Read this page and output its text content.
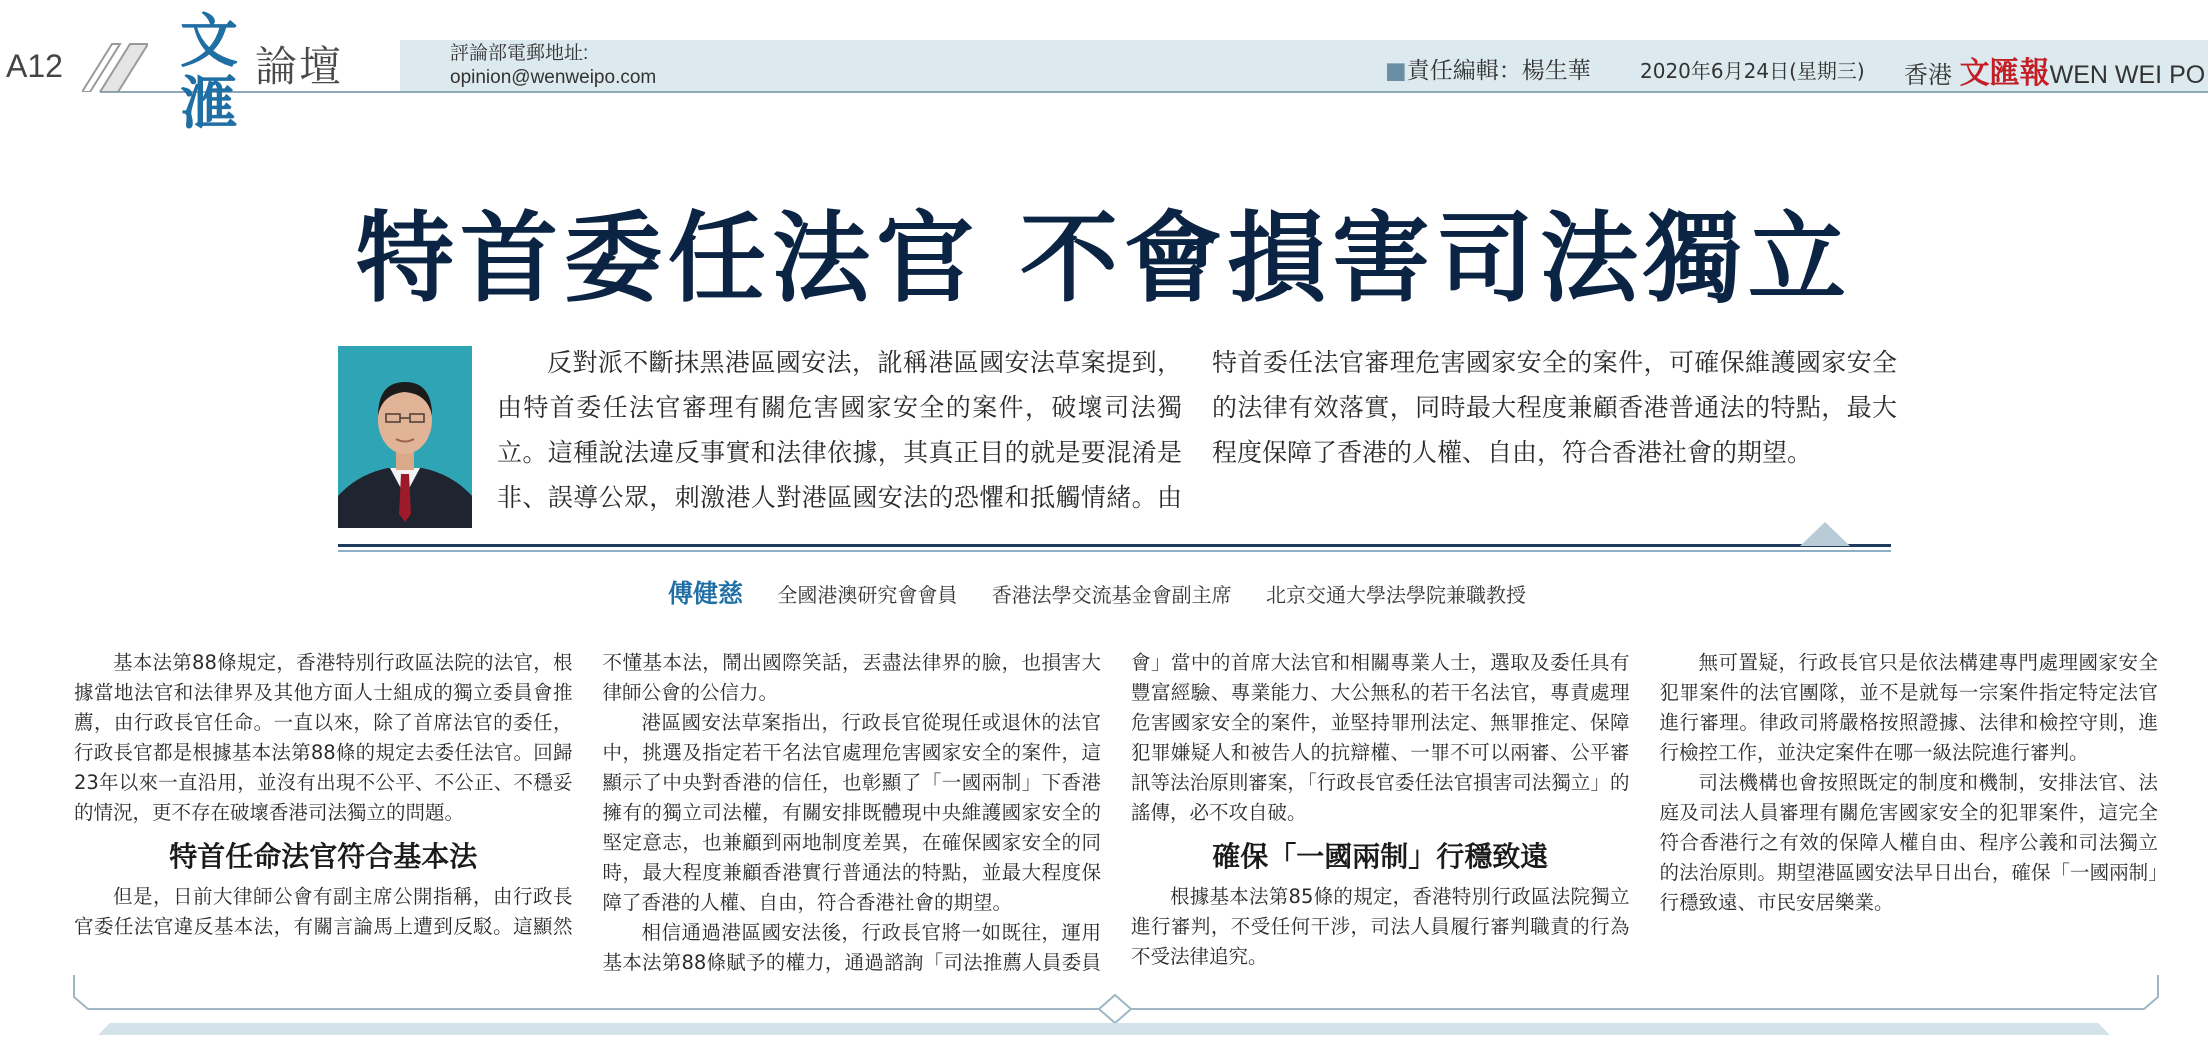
A12 文
滙
論壇	評論部電郵地址:
opinion@wenweipo.com	■責任編輯：楊生華 2020年6月24日(星期三) 香港 文匯報WEN WEI PO
特首委任法官 不會損害司法獨立

反對派不斷抹黑港區國安法，訛稱港區國安法草案提到，由特首委任法官審理有關危害國家安全的案件，破壞司法獨立。這種說法違反事實和法律依據，其真正目的就是要混淆是非、誤導公眾，刺激港人對港區國安法的恐懼和抵觸情緒。由特首委任法官審理危害國家安全的案件，可確保維護國家安全的法律有效落實，同時最大程度兼顧香港普通法的特點，最大程度保障了香港的人權、自由，符合香港社會的期望。

傅健慈 全國港澳研究會會員 香港法學交流基金會副主席 北京交通大學法學院兼職教授

基本法第88條規定，香港特別行政區法院的法官，根據當地法官和法律界及其他方面人士組成的獨立委員會推薦，由行政長官任命。一直以來，除了首席法官的委任，行政長官都是根據基本法第88條的規定去委任法官。回歸23年以來一直沿用，並沒有出現不公平、不公正、不穩妥的情況，更不存在破壞香港司法獨立的問題。

特首任命法官符合基本法

但是，日前大律師公會有副主席公開指稱，由行政長官委任法官違反基本法，有關言論馬上遭到反駁。這顯然不懂基本法，鬧出國際笑話，丟盡法律界的臉，也損害大律師公會的公信力。

港區國安法草案指出，行政長官從現任或退休的法官中，挑選及指定若干名法官處理危害國家安全的案件，這顯示了中央對香港的信任，也彰顯了「一國兩制」下香港擁有的獨立司法權，有關安排既體現中央維護國家安全的堅定意志，也兼顧到兩地制度差異，在確保國家安全的同時，最大程度兼顧香港實行普通法的特點，並最大程度保障了香港的人權、自由，符合香港社會的期望。

相信通過港區國安法後，行政長官將一如既往，運用基本法第88條賦予的權力，通過諮詢「司法推薦人員委員會」當中的首席大法官和相關專業人士，選取及委任具有豐富經驗、專業能力、大公無私的若干名法官，專責處理危害國家安全的案件，並堅持罪刑法定、無罪推定、保障犯罪嫌疑人和被告人的抗辯權、一罪不可以兩審、公平審訊等法治原則審案，「行政長官委任法官損害司法獨立」的謠傳，必不攻自破。

確保「一國兩制」行穩致遠

根據基本法第85條的規定，香港特別行政區法院獨立進行審判，不受任何干涉，司法人員履行審判職責的行為不受法律追究。

無可置疑，行政長官只是依法構建專門處理國家安全犯罪案件的法官團隊，並不是就每一宗案件指定特定法官進行審理。律政司將嚴格按照證據、法律和檢控守則，進行檢控工作，並決定案件在哪一級法院進行審判。

司法機構也會按照既定的制度和機制，安排法官、法庭及司法人員審理有關危害國家安全的犯罪案件，這完全符合香港行之有效的保障人權自由、程序公義和司法獨立的法治原則。期望港區國安法早日出台，確保「一國兩制」行穩致遠、市民安居樂業。
